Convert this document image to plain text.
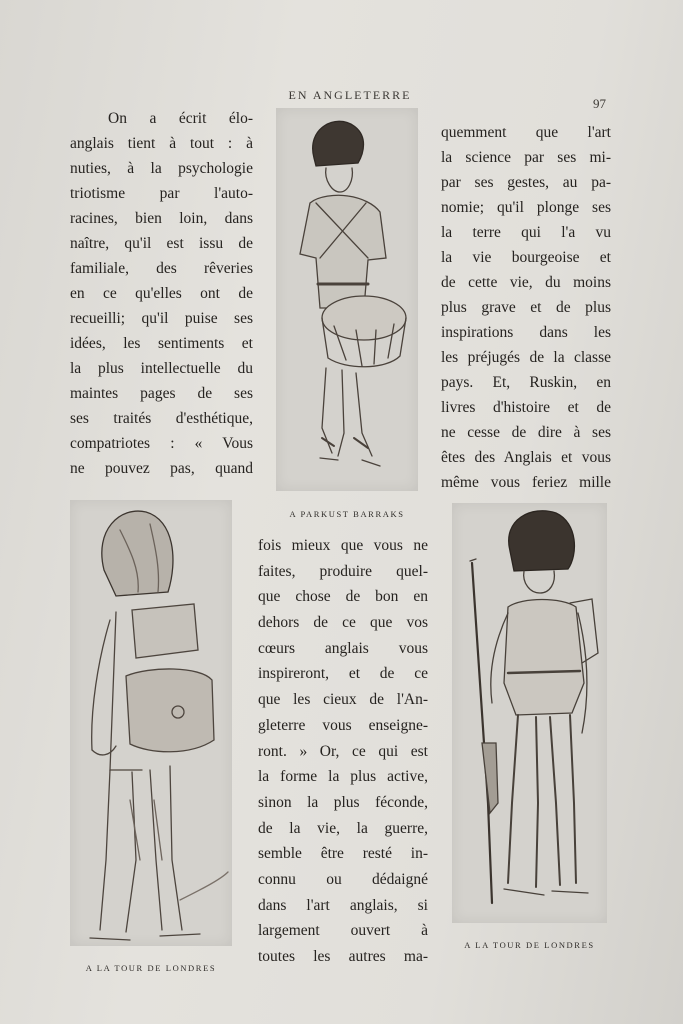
EN ANGLETERRE
97
On a écrit élo-
anglais tient à tout : à
nuties, à la psychologie
triotisme par l'auto-
racines, bien loin, dans
naître, qu'il est issu de
familiale, des rêveries
en ce qu'elles ont de
recueilli; qu'il puise ses
idées, les sentiments et
la plus intellectuelle du
maintes pages de ses
ses traités d'esthétique,
compatriotes : « Vous
ne pouvez pas, quand
quemment que l'art
la science par ses mi-
par ses gestes, au pa-
nomie; qu'il plonge ses
la terre qui l'a vu
la vie bourgeoise et
de cette vie, du moins
plus grave et de plus
inspirations dans les
les préjugés de la classe
pays. Et, Ruskin, en
livres d'histoire et de
ne cesse de dire à ses
êtes des Anglais et vous
même vous feriez mille
fois mieux que vous ne
faites, produire quel-
que chose de bon en
dehors de ce que vos
cœurs anglais vous
inspireront, et de ce
que les cieux de l'An-
gleterre vous enseigne-
ront. » Or, ce qui est
la forme la plus active,
sinon la plus féconde,
de la vie, la guerre,
semble être resté in-
connu ou dédaigné
dans l'art anglais, si
largement ouvert à
toutes les autres ma-
A PARKUST BARRAKS
A LA TOUR DE LONDRES
A LA TOUR DE LONDRES
